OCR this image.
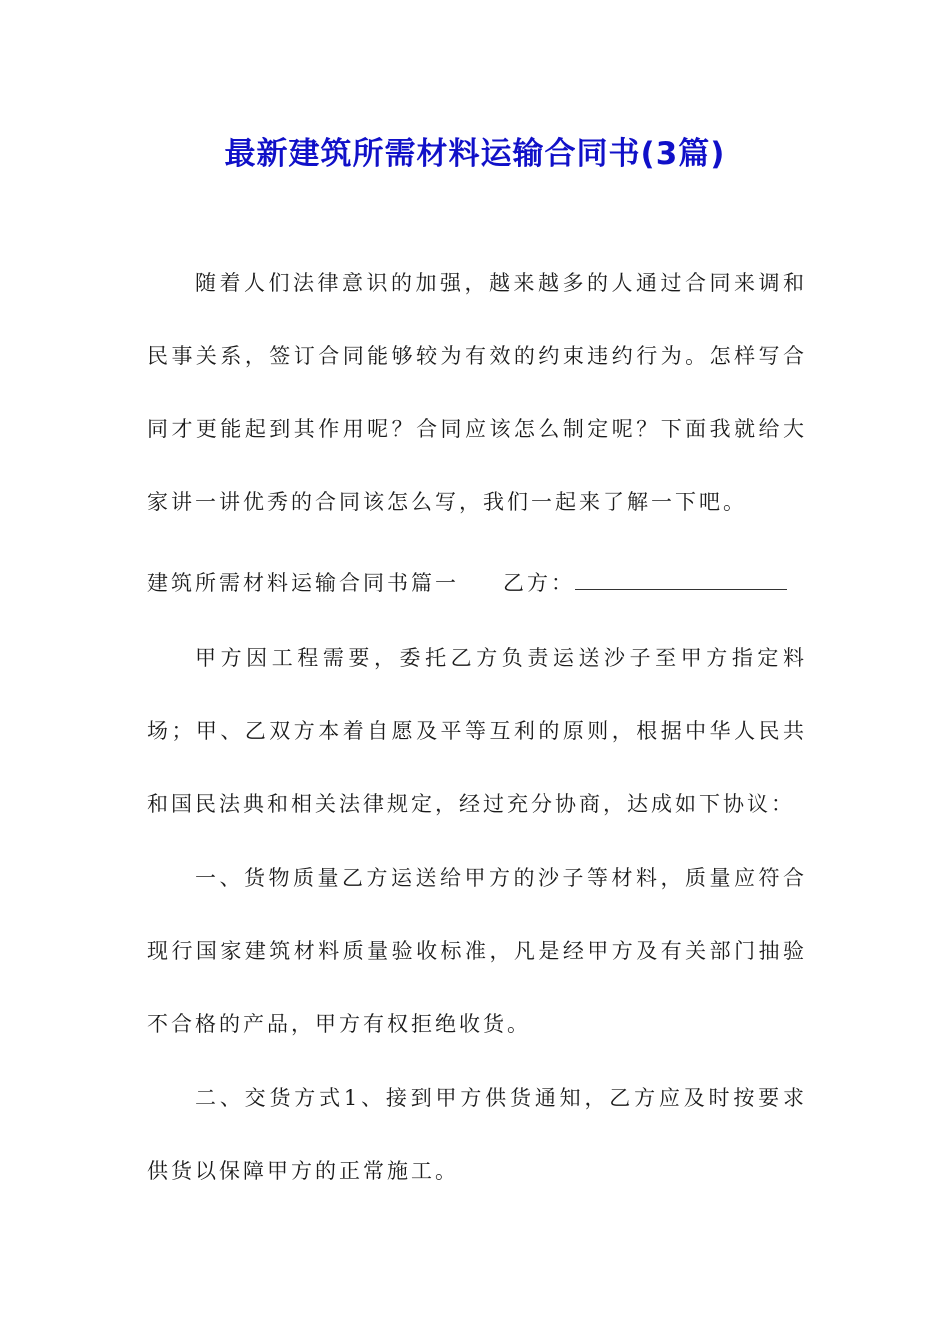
最新建筑所需材料运输合同书(3篇)
随着人们法律意识的加强，越来越多的人通过合同来调和民事关系，签订合同能够较为有效的约束违约行为。怎样写合同才更能起到其作用呢？合同应该怎么制定呢？下面我就给大家讲一讲优秀的合同该怎么写，我们一起来了解一下吧。
建筑所需材料运输合同书篇一 乙方：
甲方因工程需要，委托乙方负责运送沙子至甲方指定料场；甲、乙双方本着自愿及平等互利的原则，根据中华人民共和国民法典和相关法律规定，经过充分协商，达成如下协议：
一、货物质量乙方运送给甲方的沙子等材料，质量应符合现行国家建筑材料质量验收标准，凡是经甲方及有关部门抽验不合格的产品，甲方有权拒绝收货。
二、交货方式1、接到甲方供货通知，乙方应及时按要求供货以保障甲方的正常施工。
